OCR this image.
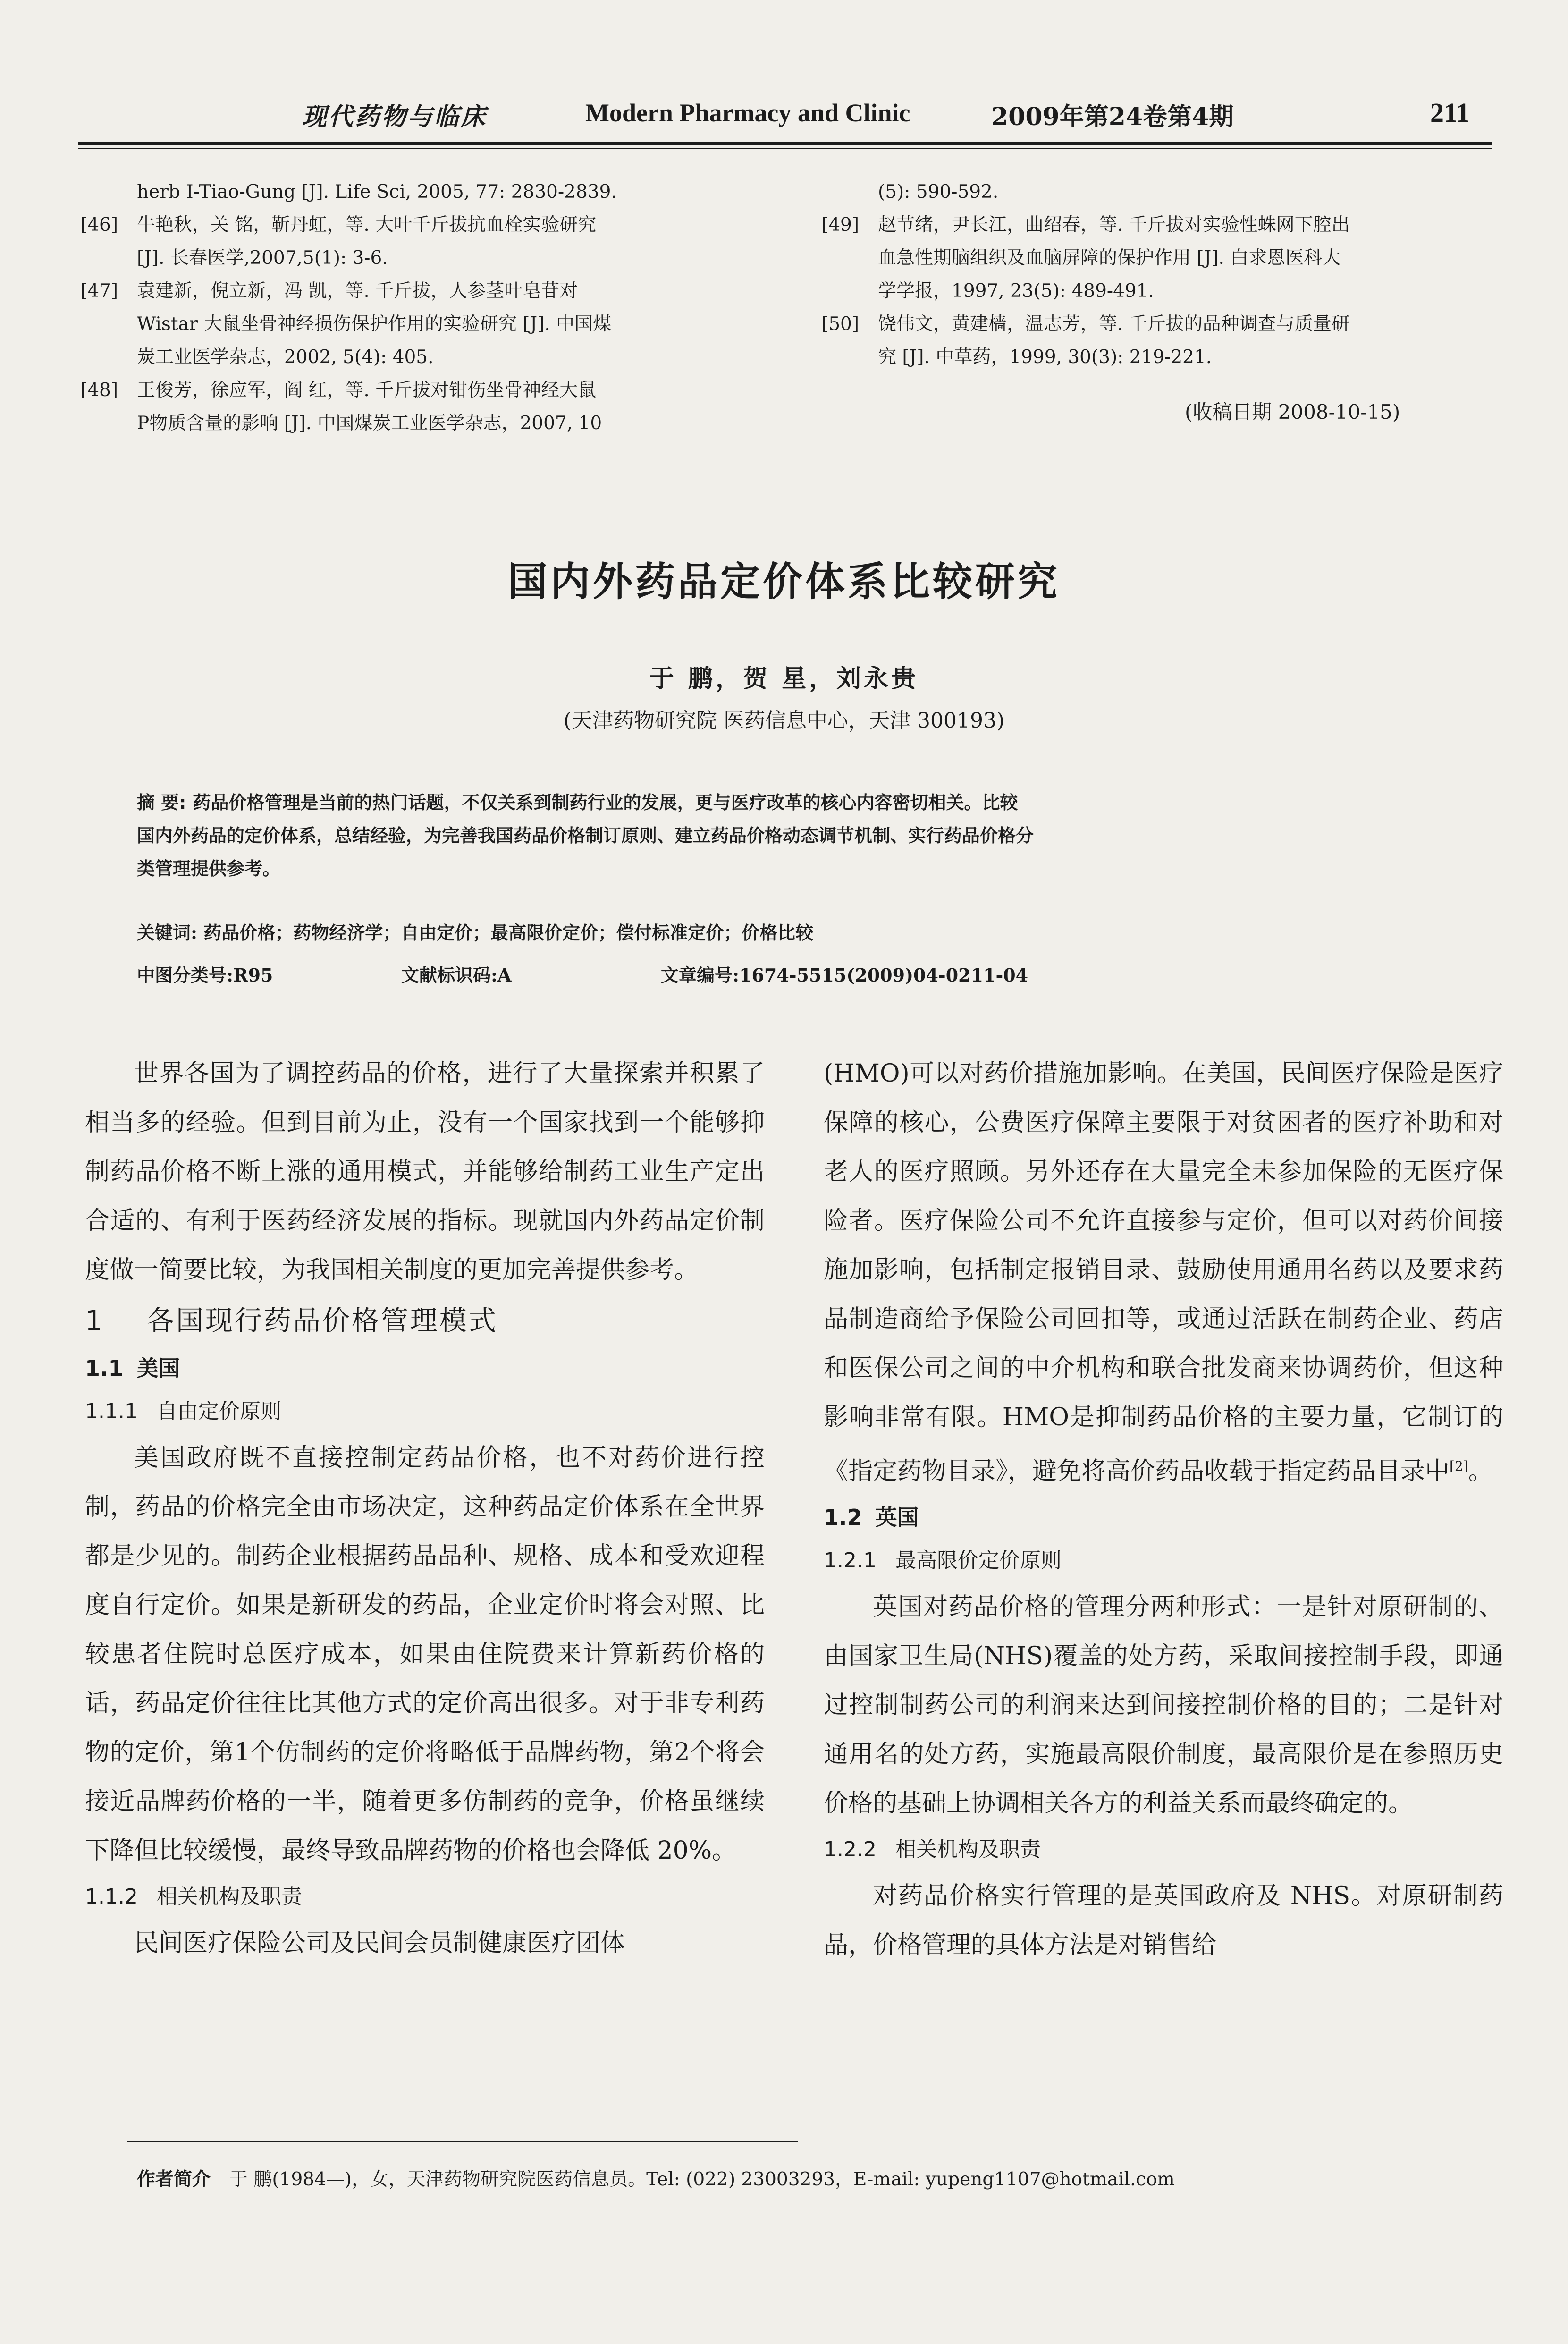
现代药物与临床	Modern Pharmacy and Clinic	2009年第24卷第4期	211
herb I-Tiao-Gung [J]. Life Sci, 2005, 77: 2830-2839.
[46] 牛艳秋，关 铭，靳丹虹，等. 大叶千斤拔抗血栓实验研究
[J]. 长春医学,2007,5(1): 3-6.
[47] 袁建新，倪立新，冯 凯，等. 千斤拔，人参茎叶皂苷对
Wistar 大鼠坐骨神经损伤保护作用的实验研究 [J]. 中国煤
炭工业医学杂志，2002, 5(4): 405.
[48] 王俊芳，徐应军，阎 红，等. 千斤拔对钳伤坐骨神经大鼠
P物质含量的影响 [J]. 中国煤炭工业医学杂志，2007, 10
(5): 590-592.
[49] 赵节绪，尹长江，曲绍春，等. 千斤拔对实验性蛛网下腔出
血急性期脑组织及血脑屏障的保护作用 [J]. 白求恩医科大
学学报，1997, 23(5): 489-491.
[50] 饶伟文，黄建樯，温志芳，等. 千斤拔的品种调查与质量研
究 [J]. 中草药，1999, 30(3): 219-221.
(收稿日期 2008-10-15)
国内外药品定价体系比较研究
于 鹏，贺 星，刘永贵
(天津药物研究院 医药信息中心，天津 300193)
摘 要: 药品价格管理是当前的热门话题，不仅关系到制药行业的发展，更与医疗改革的核心内容密切相关。比较
国内外药品的定价体系，总结经验，为完善我国药品价格制订原则、建立药品价格动态调节机制、实行药品价格分
类管理提供参考。
关键词: 药品价格；药物经济学；自由定价；最高限价定价；偿付标准定价；价格比较
中图分类号:R95	文献标识码:A	文章编号:1674-5515(2009)04-0211-04

世界各国为了调控药品的价格，进行了大量探索并积累了相当多的经验。但到目前为止，没有一个国家找到一个能够抑制药品价格不断上涨的通用模式，并能够给制药工业生产定出合适的、有利于医药经济发展的指标。现就国内外药品定价制度做一简要比较，为我国相关制度的更加完善提供参考。

1 各国现行药品价格管理模式
1.1 美国
1.1.1 自由定价原则

美国政府既不直接控制定药品价格，也不对药价进行控制，药品的价格完全由市场决定，这种药品定价体系在全世界都是少见的。制药企业根据药品品种、规格、成本和受欢迎程度自行定价。如果是新研发的药品，企业定价时将会对照、比较患者住院时总医疗成本，如果由住院费来计算新药价格的话，药品定价往往比其他方式的定价高出很多。对于非专利药物的定价，第1个仿制药的定价将略低于品牌药物，第2个将会接近品牌药价格的一半，随着更多仿制药的竞争，价格虽继续下降但比较缓慢，最终导致品牌药物的价格也会降低 20%。

1.1.2 相关机构及职责

民间医疗保险公司及民间会员制健康医疗团体

(HMO)可以对药价措施加影响。在美国，民间医疗保险是医疗保障的核心，公费医疗保障主要限于对贫困者的医疗补助和对老人的医疗照顾。另外还存在大量完全未参加保险的无医疗保险者。医疗保险公司不允许直接参与定价，但可以对药价间接施加影响，包括制定报销目录、鼓励使用通用名药以及要求药品制造商给予保险公司回扣等，或通过活跃在制药企业、药店和医保公司之间的中介机构和联合批发商来协调药价，但这种影响非常有限。HMO是抑制药品价格的主要力量，它制订的《指定药物目录》，避免将高价药品收载于指定药品目录中[2]。

1.2 英国
1.2.1 最高限价定价原则

英国对药品价格的管理分两种形式：一是针对原研制的、由国家卫生局(NHS)覆盖的处方药，采取间接控制手段，即通过控制制药公司的利润来达到间接控制价格的目的；二是针对通用名的处方药，实施最高限价制度，最高限价是在参照历史价格的基础上协调相关各方的利益关系而最终确定的。

1.2.2 相关机构及职责

对药品价格实行管理的是英国政府及 NHS。对原研制药品，价格管理的具体方法是对销售给

作者简介 于 鹏(1984—)，女，天津药物研究院医药信息员。Tel: (022) 23003293，E-mail: yupeng1107@hotmail.com
